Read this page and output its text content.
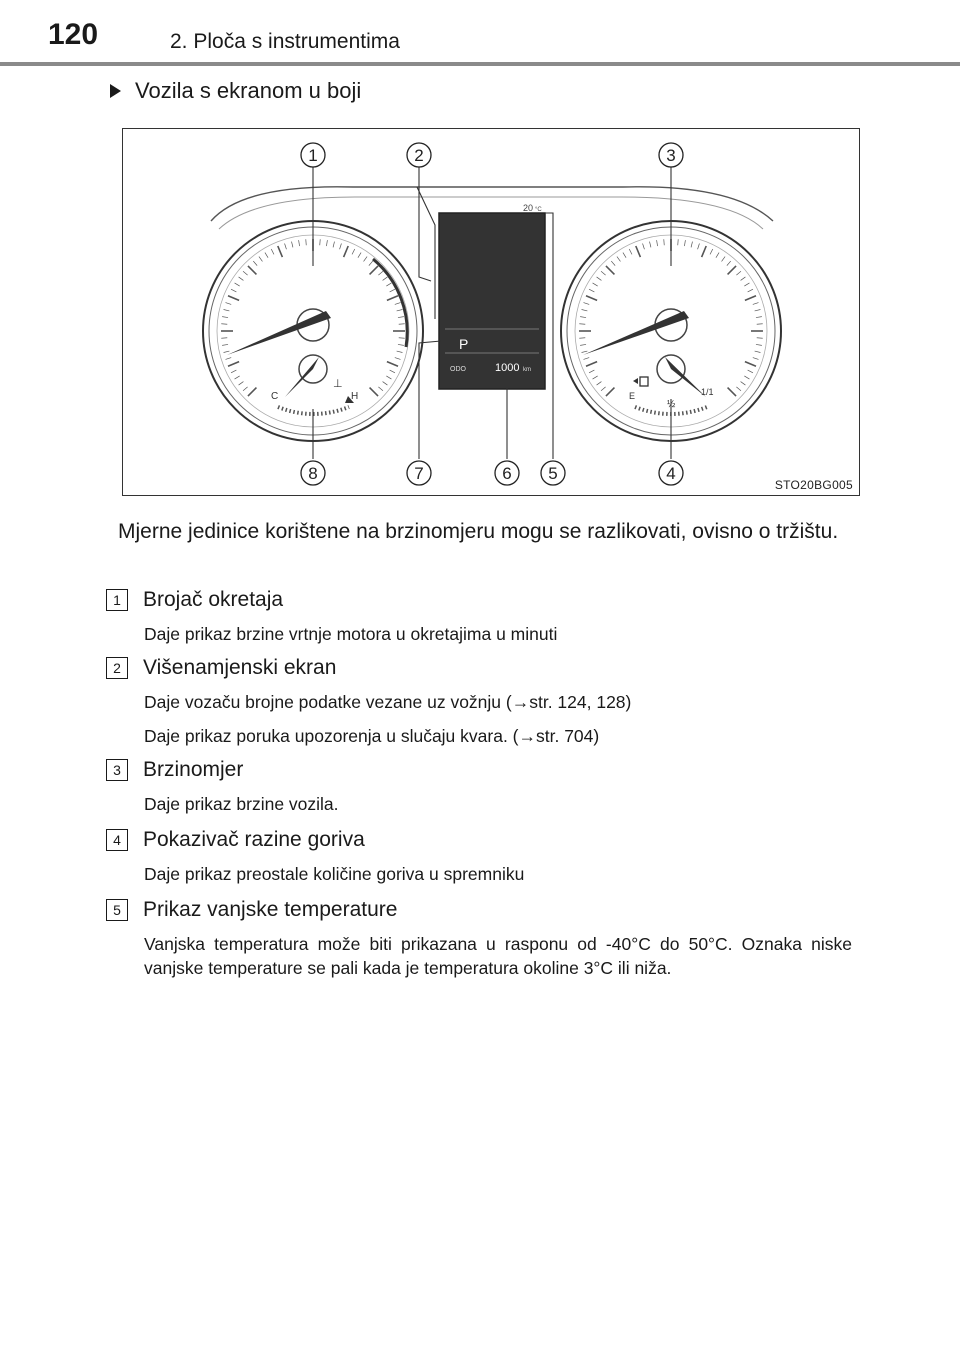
120	2. Ploča s instrumentima
Vozila s ekranom u boji
C	H
⊥
E
½
1/1
20 °C
P
ODO	1000 km
1	2	3
4
5
6
7
8
STO20BG005
Mjerne jedinice korištene na brzinomjeru mogu se razlikovati, ovisno o tržištu.
1	Brojač okretaja
Daje prikaz brzine vrtnje motora u okretajima u minuti
2	Višenamjenski ekran
Daje vozaču brojne podatke vezane uz vožnju (→str. 124, 128)
Daje prikaz poruka upozorenja u slučaju kvara. (→str. 704)
3	Brzinomjer
Daje prikaz brzine vozila.
4	Pokazivač razine goriva
Daje prikaz preostale količine goriva u spremniku
5	Prikaz vanjske temperature
Vanjska temperatura može biti prikazana u rasponu od -40°C do 50°C. Oznaka niske vanjske temperature se pali kada je temperatura okoline 3°C ili niža.
